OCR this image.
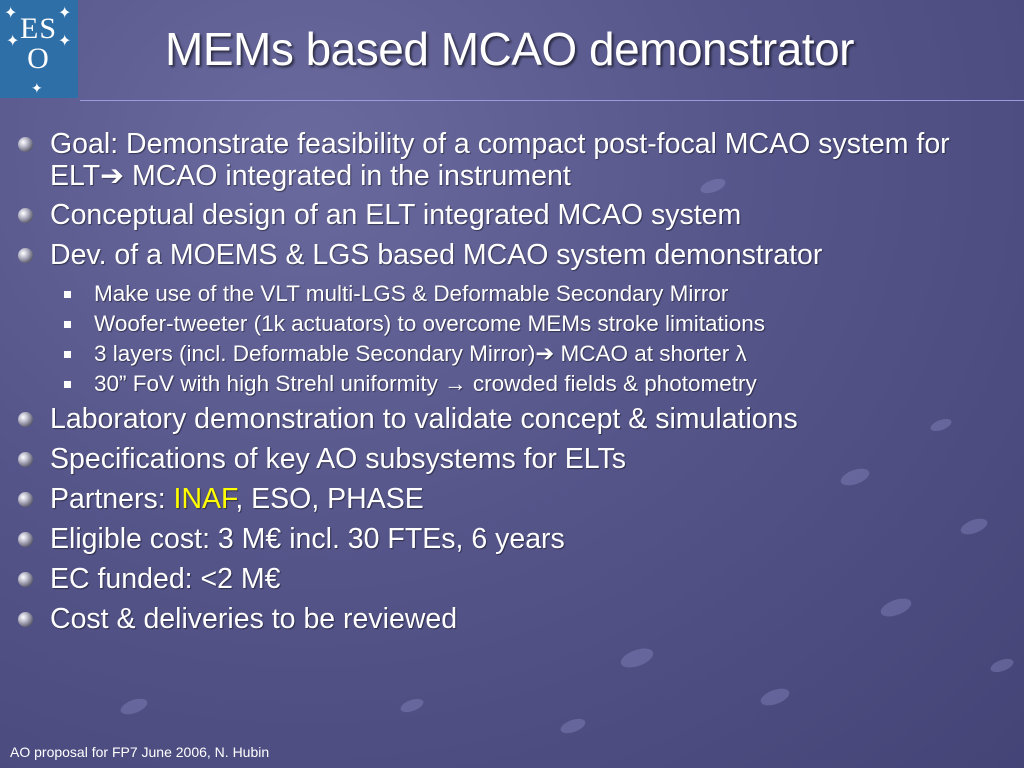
✦	✦
✦ ✦
✦
ES
O	MEMs based MCAO demonstrator
Goal: Demonstrate feasibility of a compact post-focal MCAO system for ELT➔ MCAO integrated in the instrument
Conceptual design of an ELT integrated MCAO system
Dev. of a MOEMS & LGS based MCAO system demonstrator
Make use of the VLT multi-LGS & Deformable Secondary Mirror
Woofer-tweeter (1k actuators) to overcome MEMs stroke limitations
3 layers (incl. Deformable Secondary Mirror)➔ MCAO at shorter λ
30” FoV with high Strehl uniformity → crowded fields & photometry
Laboratory demonstration to validate concept & simulations
Specifications of key AO subsystems for ELTs
Partners: INAF, ESO, PHASE
Eligible cost: 3 M€ incl. 30 FTEs, 6 years
EC funded: <2 M€
Cost & deliveries to be reviewed
AO proposal for FP7 June 2006, N. Hubin
